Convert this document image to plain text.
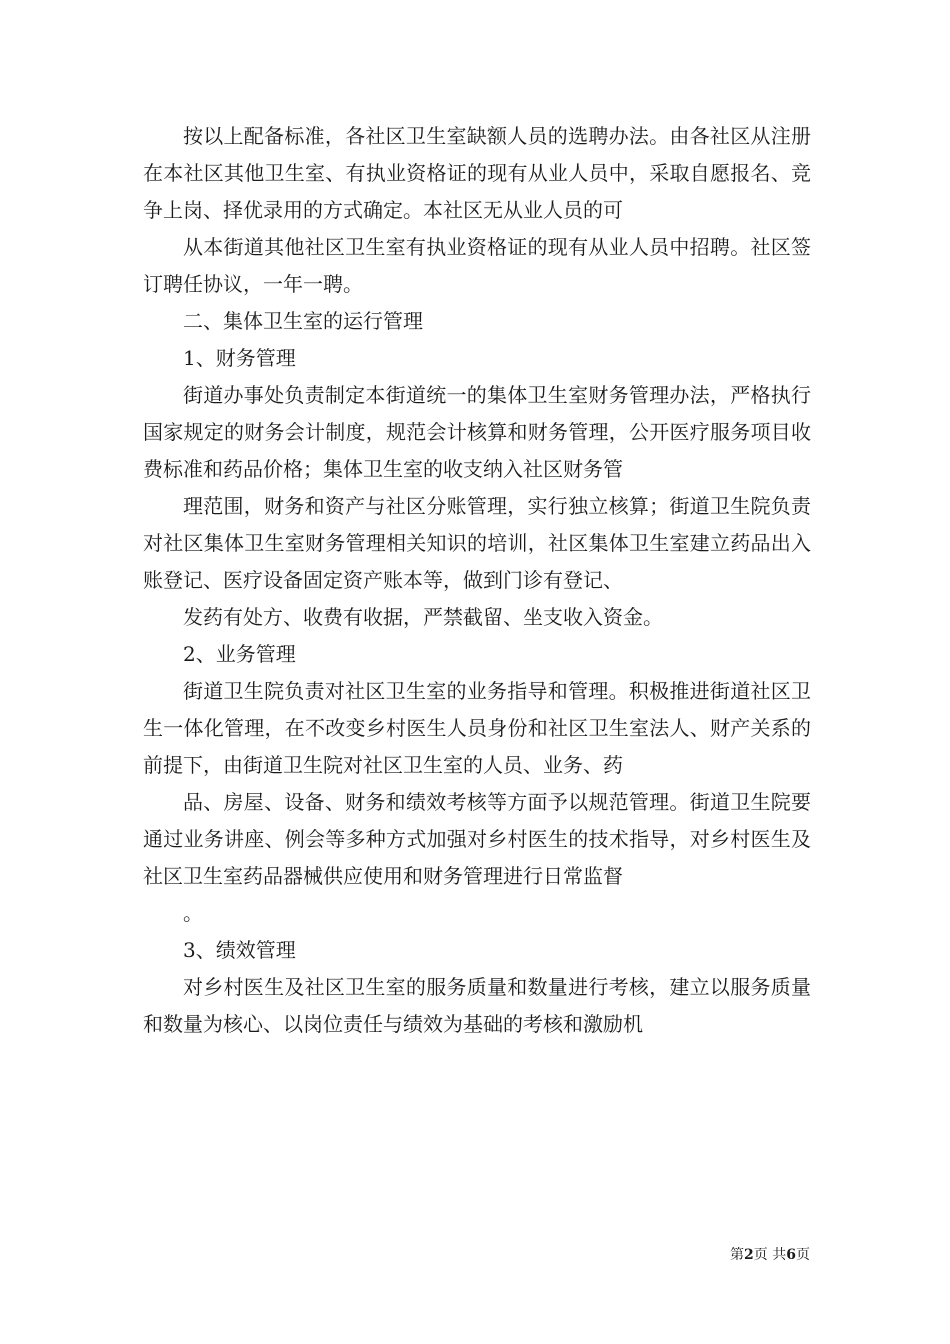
按以上配备标准，各社区卫生室缺额人员的选聘办法。由各社区从注册在本社区其他卫生室、有执业资格证的现有从业人员中，采取自愿报名、竞争上岗、择优录用的方式确定。本社区无从业人员的可

从本街道其他社区卫生室有执业资格证的现有从业人员中招聘。社区签订聘任协议，一年一聘。

二、集体卫生室的运行管理

1、财务管理

街道办事处负责制定本街道统一的集体卫生室财务管理办法，严格执行国家规定的财务会计制度，规范会计核算和财务管理，公开医疗服务项目收费标准和药品价格；集体卫生室的收支纳入社区财务管

理范围，财务和资产与社区分账管理，实行独立核算；街道卫生院负责对社区集体卫生室财务管理相关知识的培训，社区集体卫生室建立药品出入账登记、医疗设备固定资产账本等，做到门诊有登记、

发药有处方、收费有收据，严禁截留、坐支收入资金。

2、业务管理

街道卫生院负责对社区卫生室的业务指导和管理。积极推进街道社区卫生一体化管理，在不改变乡村医生人员身份和社区卫生室法人、财产关系的前提下，由街道卫生院对社区卫生室的人员、业务、药

品、房屋、设备、财务和绩效考核等方面予以规范管理。街道卫生院要通过业务讲座、例会等多种方式加强对乡村医生的技术指导，对乡村医生及社区卫生室药品器械供应使用和财务管理进行日常监督

。

3、绩效管理

对乡村医生及社区卫生室的服务质量和数量进行考核，建立以服务质量和数量为核心、以岗位责任与绩效为基础的考核和激励机

第2页 共6页
